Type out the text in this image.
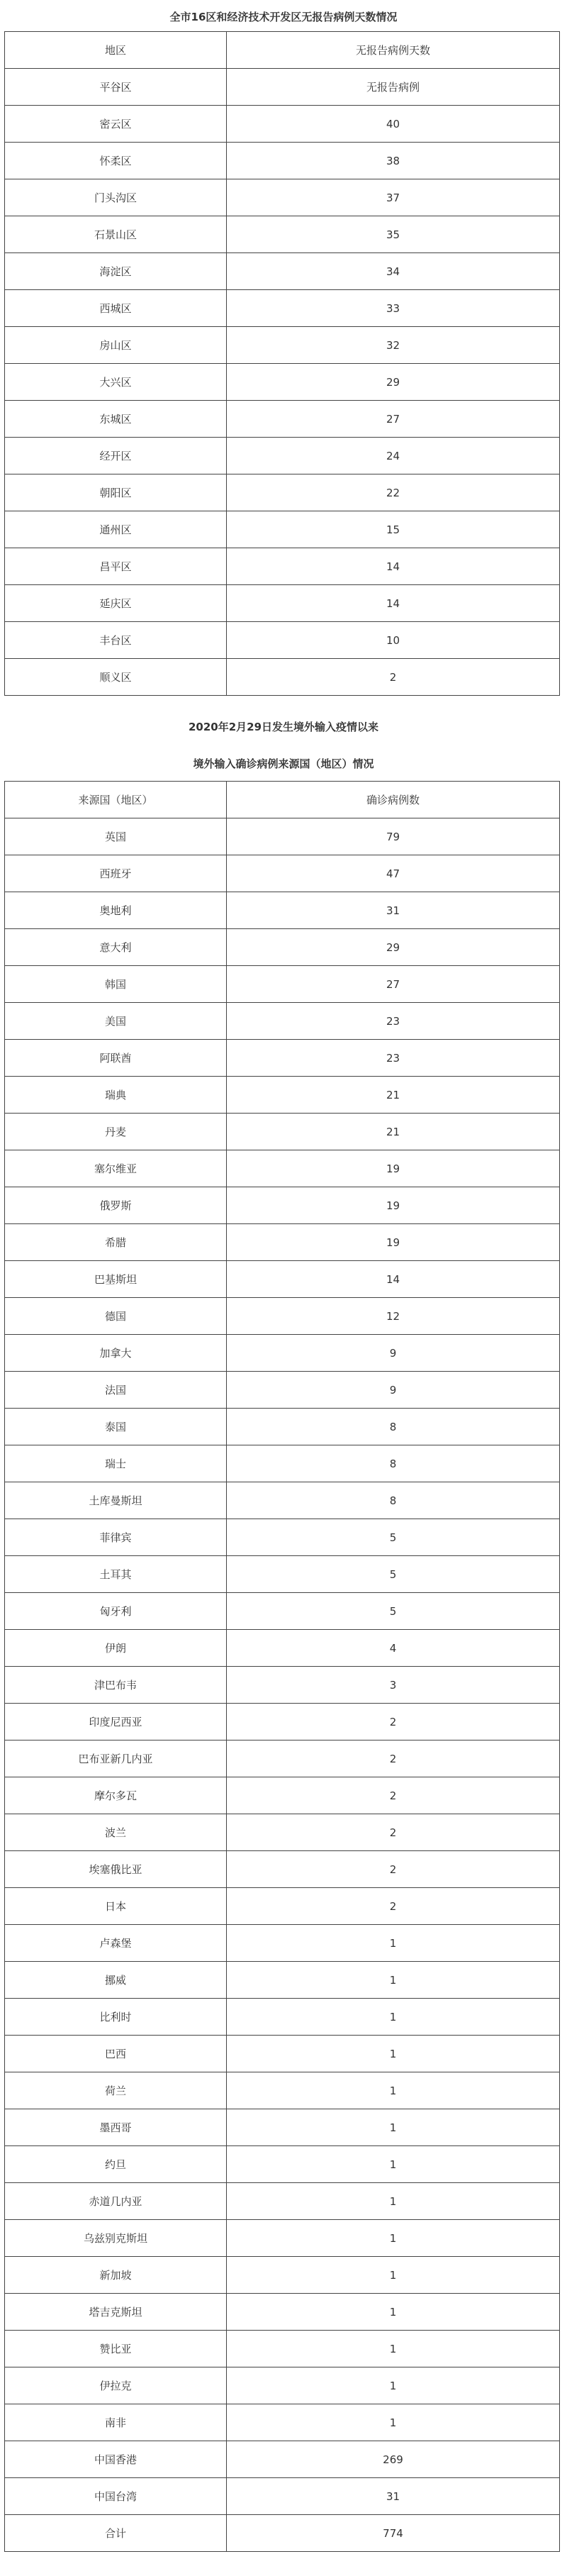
全市16区和经济技术开发区无报告病例天数情况
地区	无报告病例天数
平谷区	无报告病例
密云区	40
怀柔区	38
门头沟区	37
石景山区	35
海淀区	34
西城区	33
房山区	32
大兴区	29
东城区	27
经开区	24
朝阳区	22
通州区	15
昌平区	14
延庆区	14
丰台区	10
顺义区	2
2020年2月29日发生境外输入疫情以来
境外输入确诊病例来源国（地区）情况
来源国（地区）	确诊病例数
英国	79
西班牙	47
奥地利	31
意大利	29
韩国	27
美国	23
阿联酋	23
瑞典	21
丹麦	21
塞尔维亚	19
俄罗斯	19
希腊	19
巴基斯坦	14
德国	12
加拿大	9
法国	9
泰国	8
瑞士	8
土库曼斯坦	8
菲律宾	5
土耳其	5
匈牙利	5
伊朗	4
津巴布韦	3
印度尼西亚	2
巴布亚新几内亚	2
摩尔多瓦	2
波兰	2
埃塞俄比亚	2
日本	2
卢森堡	1
挪威	1
比利时	1
巴西	1
荷兰	1
墨西哥	1
约旦	1
赤道几内亚	1
乌兹别克斯坦	1
新加坡	1
塔吉克斯坦	1
赞比亚	1
伊拉克	1
南非	1
中国香港	269
中国台湾	31
合计	774
